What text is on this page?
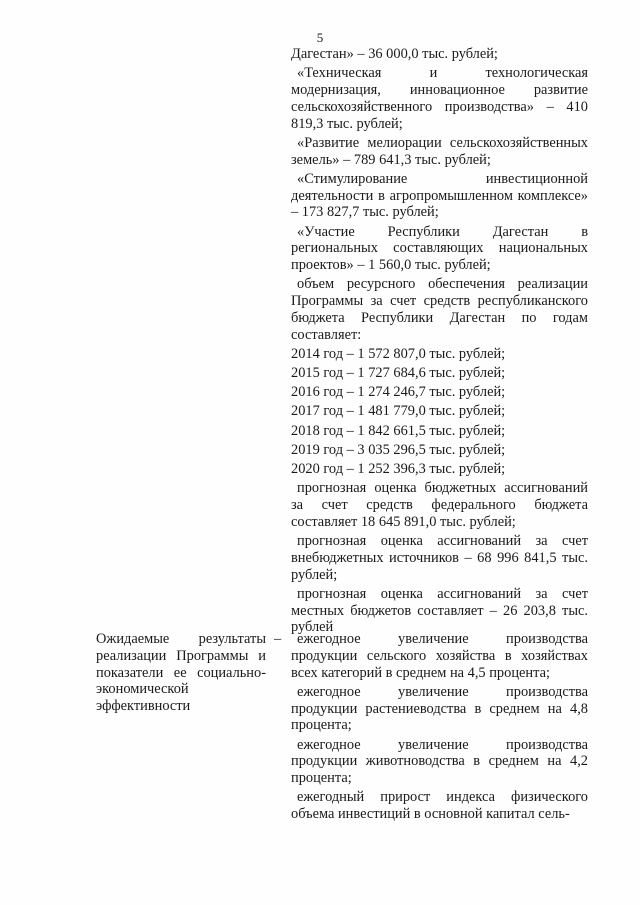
5

Дагестан» – 36 000,0 тыс. рублей;

«Техническая и технологическая модернизация, инновационное развитие сельскохозяйственного производства» – 410 819,3 тыс. рублей;

«Развитие мелиорации сельскохозяйственных земель» – 789 641,3 тыс. рублей;

«Стимулирование инвестиционной деятельности в агропромышленном комплексе» – 173 827,7 тыс. рублей;

«Участие Республики Дагестан в региональных составляющих национальных проектов» – 1 560,0 тыс. рублей;

объем ресурсного обеспечения реализации Программы за счет средств республиканского бюджета Республики Дагестан по годам составляет:

2014 год – 1 572 807,0 тыс. рублей;

2015 год – 1 727 684,6 тыс. рублей;

2016 год – 1 274 246,7 тыс. рублей;

2017 год – 1 481 779,0 тыс. рублей;

2018 год – 1 842 661,5 тыс. рублей;

2019 год – 3 035 296,5 тыс. рублей;

2020 год – 1 252 396,3 тыс. рублей;

прогнозная оценка бюджетных ассигнований за счет средств федерального бюджета составляет 18 645 891,0 тыс. рублей;

прогнозная оценка ассигнований за счет внебюджетных источников – 68 996 841,5 тыс. рублей;

прогнозная оценка ассигнований за счет местных бюджетов составляет – 26 203,8 тыс. рублей

Ожидаемые результаты реализации Программы и показатели ее социально-экономической эффективности
–	ежегодное увеличение производства продукции сельского хозяйства в хозяйствах всех категорий в среднем на 4,5 процента;

ежегодное увеличение производства продукции растениеводства в среднем на 4,8 процента;

ежегодное увеличение производства продукции животноводства в среднем на 4,2 процента;

ежегодный прирост индекса физического объема инвестиций в основной капитал сель-
